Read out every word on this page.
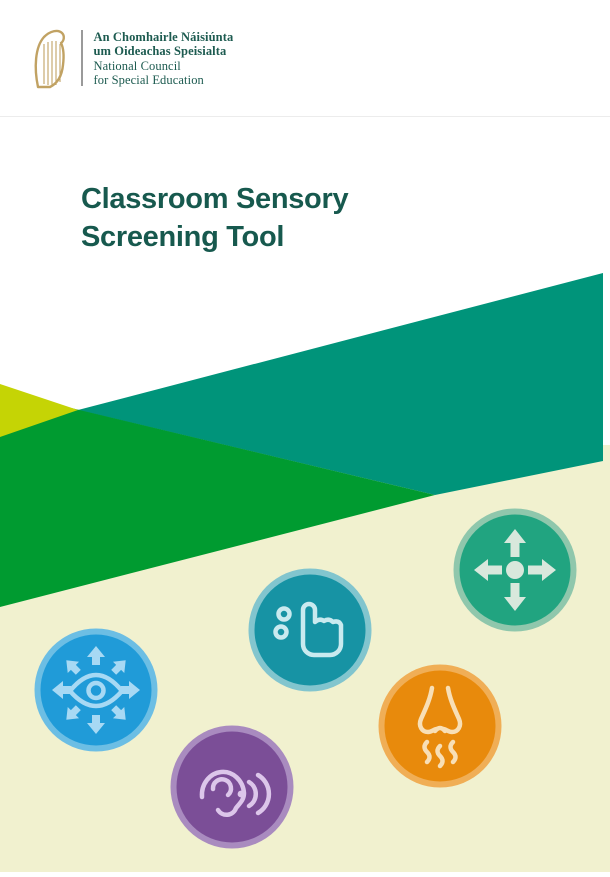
An Chomhairle Náisiúnta
um Oideachas Speisialta
National Council
for Special Education
Classroom Sensory
Screening Tool
